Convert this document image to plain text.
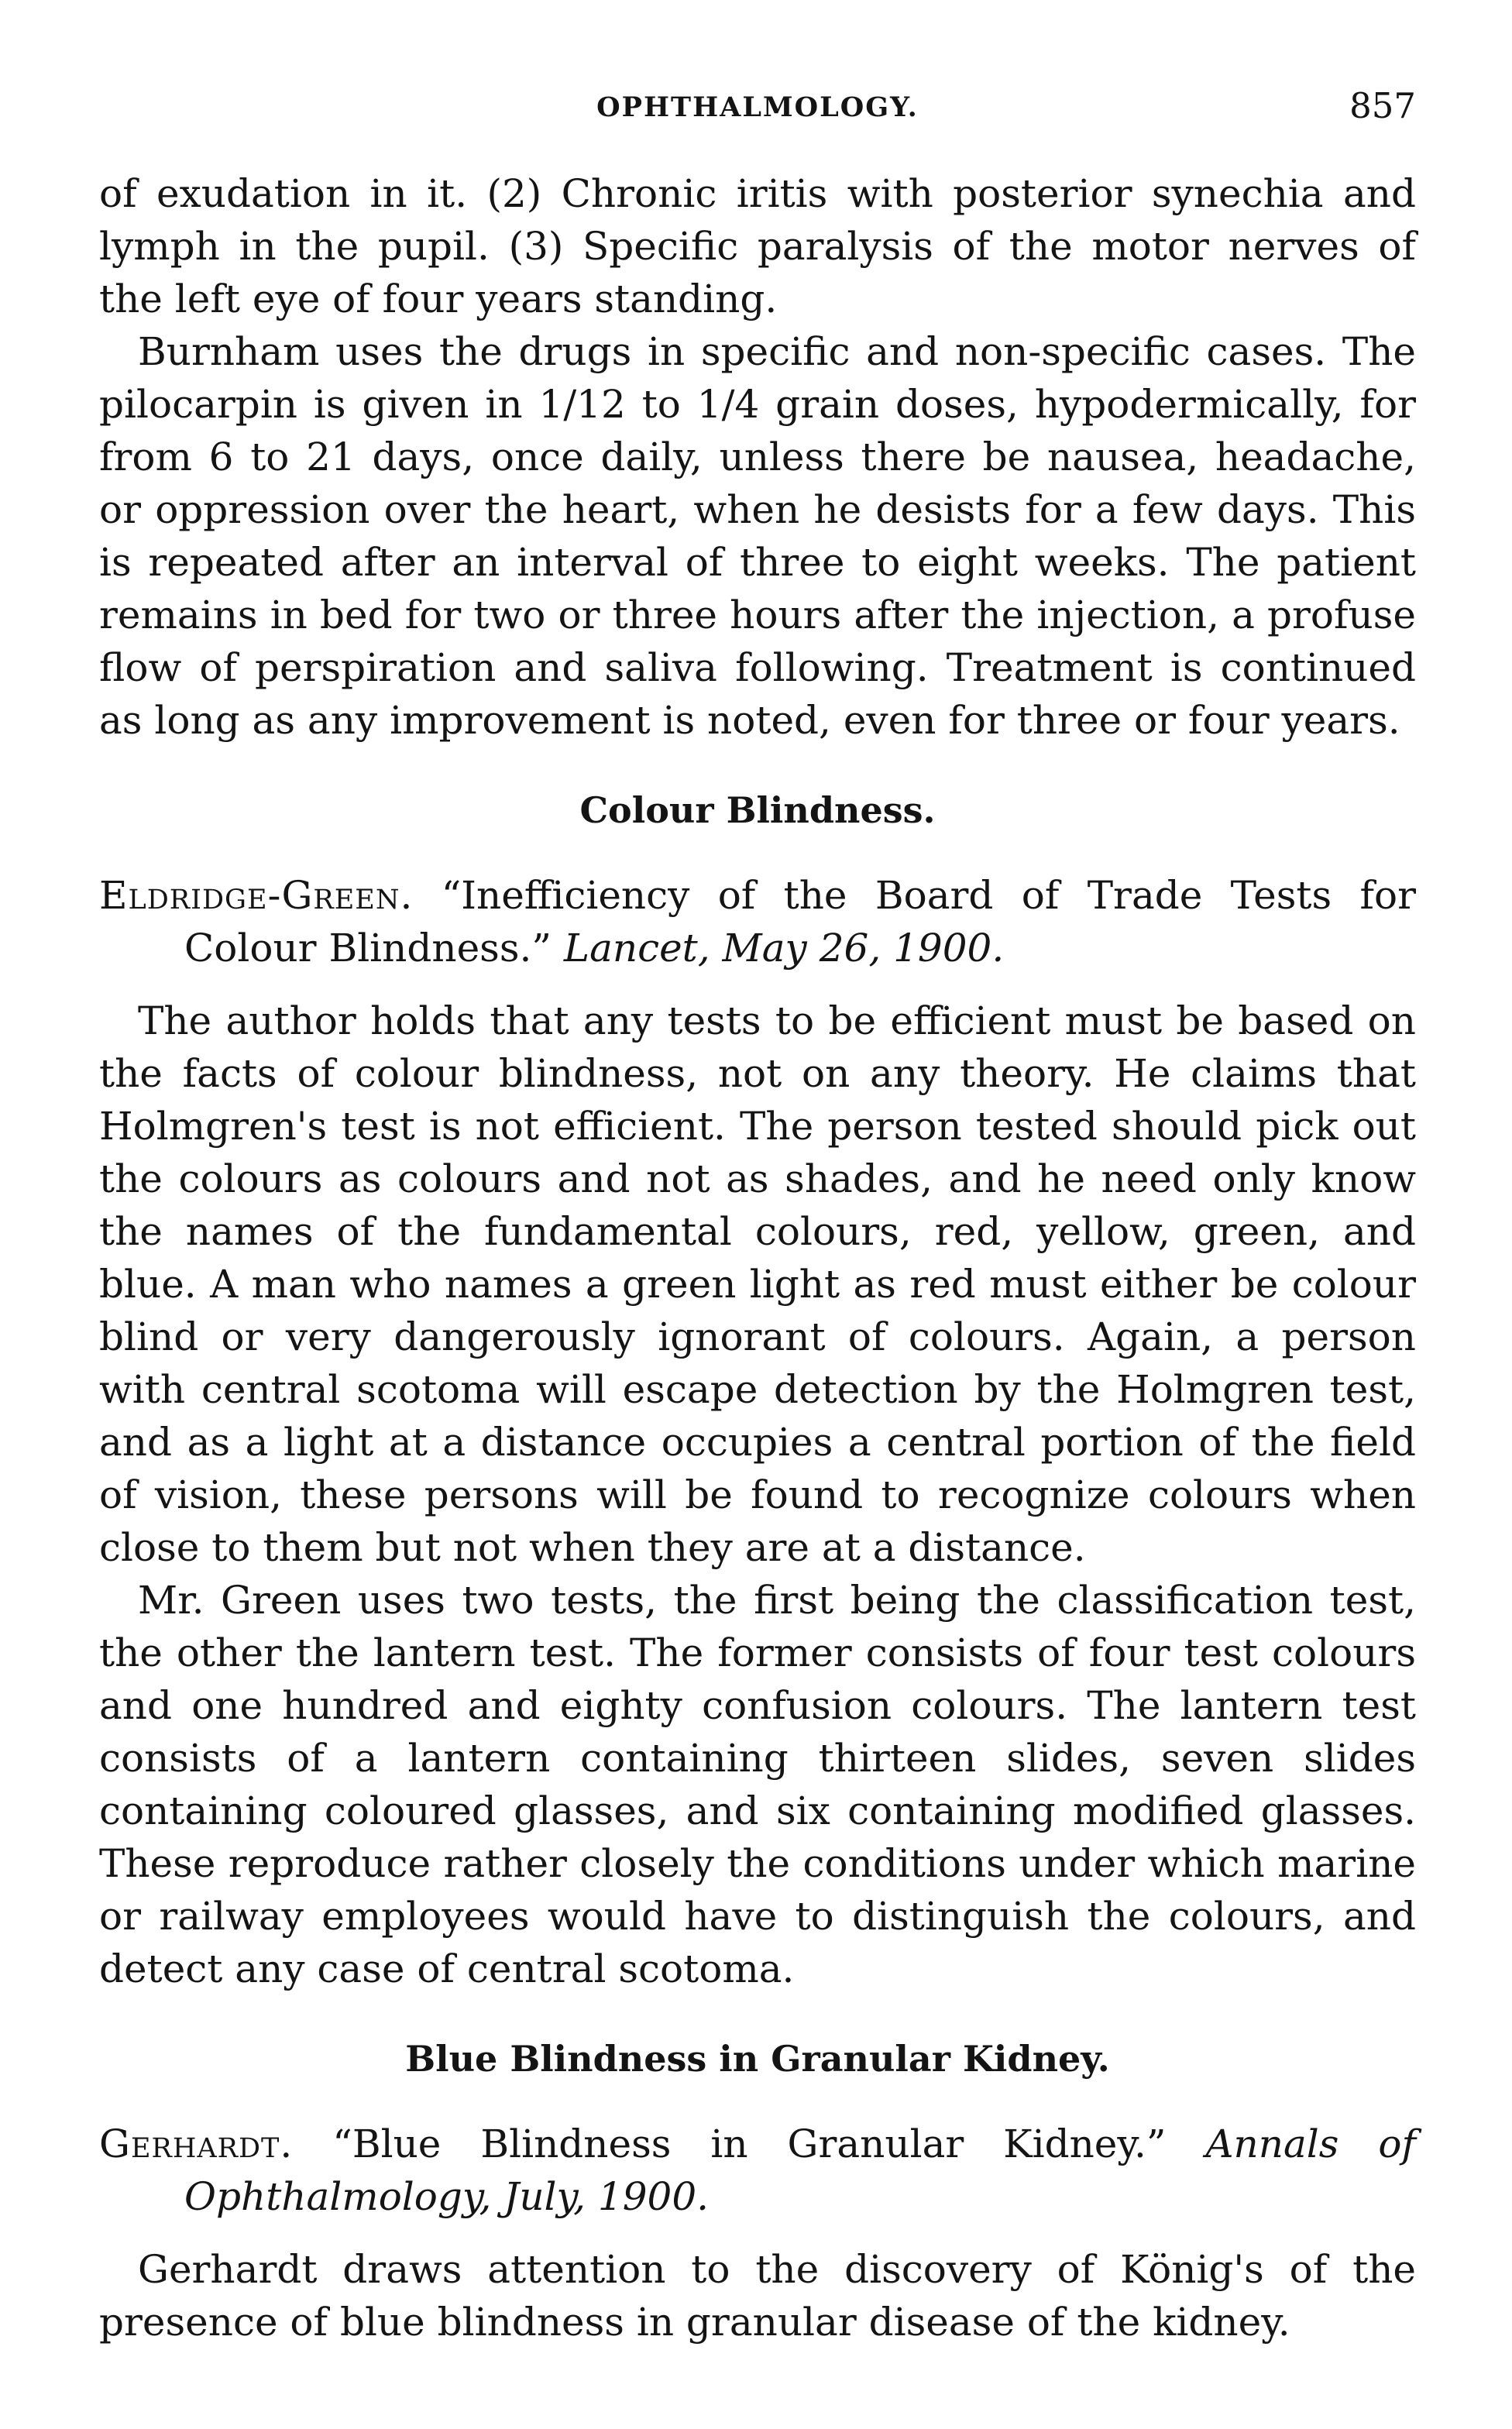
OPHTHALMOLOGY.	857

of exudation in it. (2) Chronic iritis with posterior synechia and lymph in the pupil. (3) Specific paralysis of the motor nerves of the left eye of four years standing.

Burnham uses the drugs in specific and non-specific cases. The pilocarpin is given in 1/12 to 1/4 grain doses, hypodermically, for from 6 to 21 days, once daily, unless there be nausea, headache, or oppression over the heart, when he desists for a few days. This is repeated after an interval of three to eight weeks. The patient remains in bed for two or three hours after the injection, a profuse flow of perspiration and saliva following. Treatment is continued as long as any improvement is noted, even for three or four years.

Colour Blindness.

Eldridge-Green. “Inefficiency of the Board of Trade Tests for Colour Blindness.” Lancet, May 26, 1900.

The author holds that any tests to be efficient must be based on the facts of colour blindness, not on any theory. He claims that Holmgren's test is not efficient. The person tested should pick out the colours as colours and not as shades, and he need only know the names of the fundamental colours, red, yellow, green, and blue. A man who names a green light as red must either be colour blind or very dangerously ignorant of colours. Again, a person with central scotoma will escape detection by the Holmgren test, and as a light at a distance occupies a central portion of the field of vision, these persons will be found to recognize colours when close to them but not when they are at a distance.

Mr. Green uses two tests, the first being the classification test, the other the lantern test. The former consists of four test colours and one hundred and eighty confusion colours. The lantern test consists of a lantern containing thirteen slides, seven slides containing coloured glasses, and six containing modified glasses. These reproduce rather closely the conditions under which marine or railway employees would have to distinguish the colours, and detect any case of central scotoma.

Blue Blindness in Granular Kidney.

Gerhardt. “Blue Blindness in Granular Kidney.” Annals of Ophthalmology, July, 1900.

Gerhardt draws attention to the discovery of König's of the presence of blue blindness in granular disease of the kidney.
